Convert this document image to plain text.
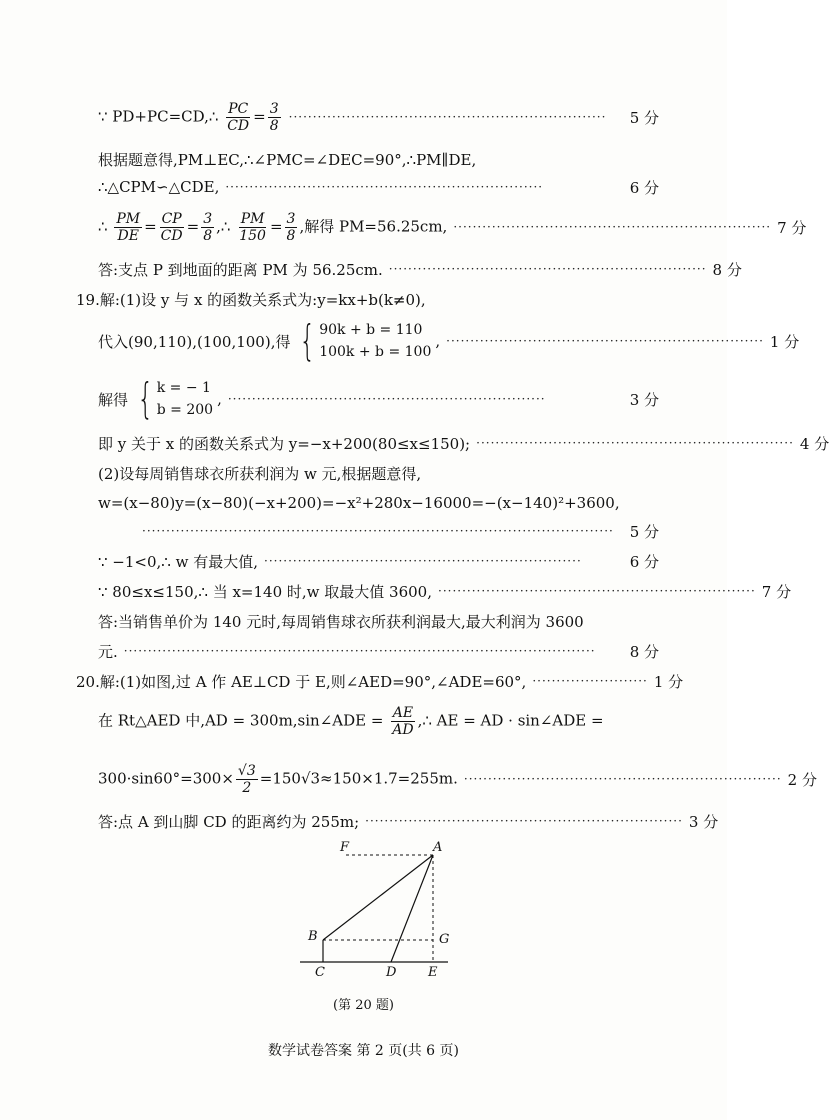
∵ PD+PC=CD,∴ $\frac{PC}{CD} = \frac{3}{8}$ ··································································	5 分
根据题意得,PM⊥EC,∴∠PMC=∠DEC=90°,∴PM∥DE,
∴△CPM∽△CDE, ··································································	6 分
∴ $\frac{PM}{DE} = \frac{CP}{CD} = \frac{3}{8}$ ,∴ $\frac{PM}{150} = \frac{3}{8}$ ,解得 PM=56.25cm, ·································································· 7 分
答:支点 P 到地面的距离 PM 为 56.25cm. ·································································· 8 分
19.解:(1)设 y 与 x 的函数关系式为:y=kx+b(k≠0),
代入(90,110),(100,100),得 { 90k + b = 110
100k + b = 100
, ·································································· 1 分
解得 { k = − 1
b = 200
, ··································································	3 分
即 y 关于 x 的函数关系式为 y=−x+200(80≤x≤150); ·································································· 4 分
(2)设每周销售球衣所获利润为 w 元,根据题意得,
w=(x−80)y=(x−80)(−x+200)=−x²+280x−16000=−(x−140)²+3600,
··································································································	5 分
∵ −1<0,∴ w 有最大值, ··································································	6 分
∵ 80≤x≤150,∴ 当 x=140 时,w 取最大值 3600, ·································································· 7 分
答:当销售单价为 140 元时,每周销售球衣所获利润最大,最大利润为 3600
元. ··································································································	8 分
20.解:(1)如图,过 A 作 AE⊥CD 于 E,则∠AED=90°,∠ADE=60°, ························ 1 分
在 Rt△AED 中,AD = 300m,sin∠ADE = $\frac{AE}{AD}$ ,∴ AE = AD · sin∠ADE =
$300\cdot\sin 60^\circ=300\times \frac{√3}{2} =150√3\approx 150\times 1.7=255m$. ·································································· 2 分
答:点 A 到山脚 CD 的距离约为 255m; ·································································· 3 分
F	A
B	G
C	D E
(第 20 题)
数学试卷答案 第 2 页(共 6 页)
